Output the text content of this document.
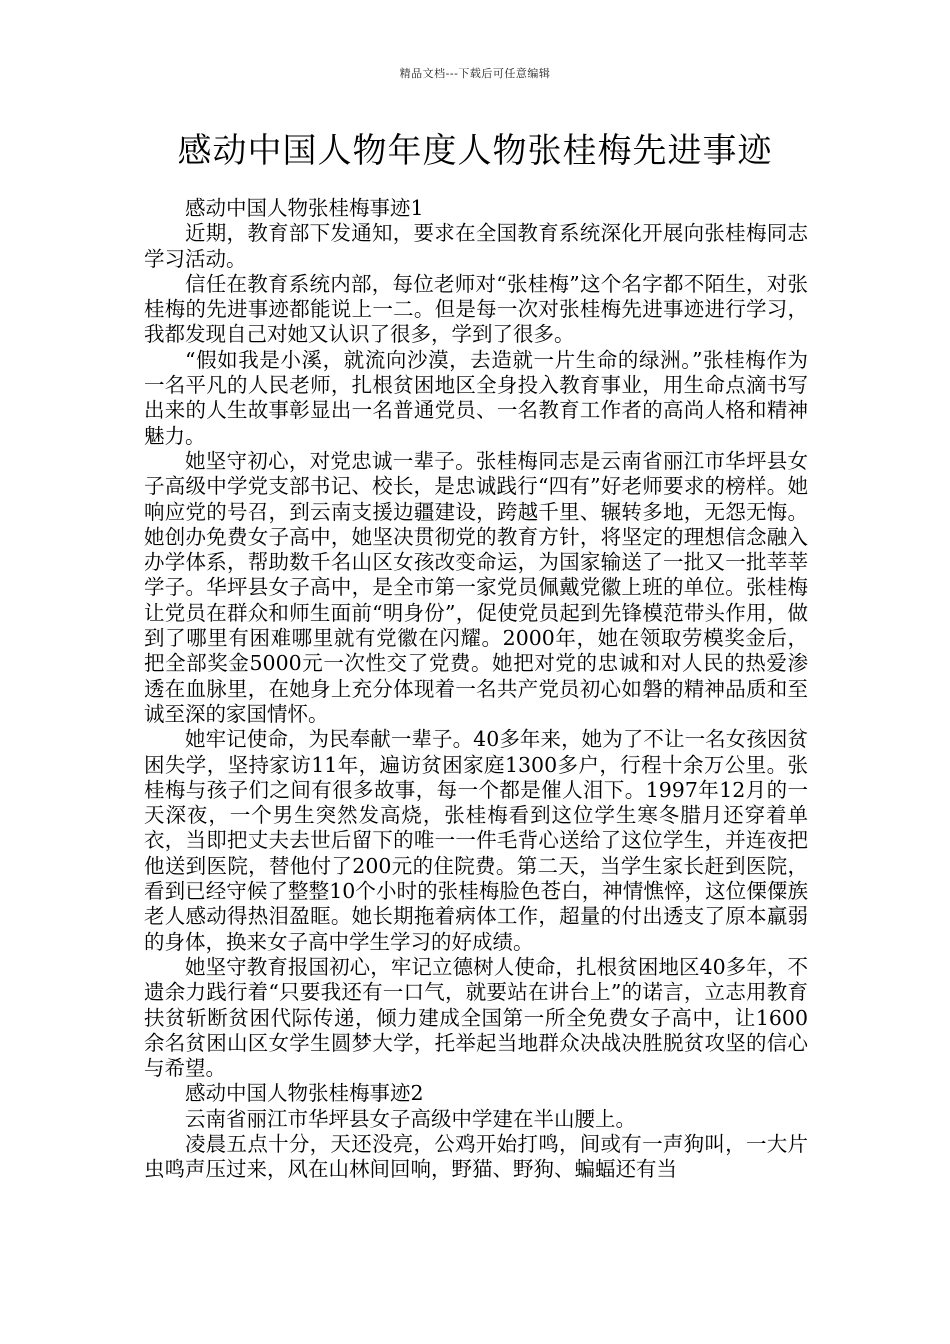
精品文档---下载后可任意编辑
感动中国人物年度人物张桂梅先进事迹

感动中国人物张桂梅事迹1

近期，教育部下发通知，要求在全国教育系统深化开展向张桂梅同志学习活动。

信任在教育系统内部，每位老师对“张桂梅”这个名字都不陌生，对张桂梅的先进事迹都能说上一二。但是每一次对张桂梅先进事迹进行学习，我都发现自己对她又认识了很多，学到了很多。

“假如我是小溪，就流向沙漠，去造就一片生命的绿洲。”张桂梅作为一名平凡的人民老师，扎根贫困地区全身投入教育事业，用生命点滴书写出来的人生故事彰显出一名普通党员、一名教育工作者的高尚人格和精神魅力。

她坚守初心，对党忠诚一辈子。张桂梅同志是云南省丽江市华坪县女子高级中学党支部书记、校长，是忠诚践行“四有”好老师要求的榜样。她响应党的号召，到云南支援边疆建设，跨越千里、辗转多地，无怨无悔。她创办免费女子高中，她坚决贯彻党的教育方针，将坚定的理想信念融入办学体系，帮助数千名山区女孩改变命运，为国家输送了一批又一批莘莘学子。华坪县女子高中，是全市第一家党员佩戴党徽上班的单位。张桂梅让党员在群众和师生面前“明身份”，促使党员起到先锋模范带头作用，做到了哪里有困难哪里就有党徽在闪耀。2000年，她在领取劳模奖金后，把全部奖金5000元一次性交了党费。她把对党的忠诚和对人民的热爱渗透在血脉里，在她身上充分体现着一名共产党员初心如磐的精神品质和至诚至深的家国情怀。

她牢记使命，为民奉献一辈子。40多年来，她为了不让一名女孩因贫困失学，坚持家访11年，遍访贫困家庭1300多户，行程十余万公里。张桂梅与孩子们之间有很多故事，每一个都是催人泪下。1997年12月的一天深夜，一个男生突然发高烧，张桂梅看到这位学生寒冬腊月还穿着单衣，当即把丈夫去世后留下的唯一一件毛背心送给了这位学生，并连夜把他送到医院，替他付了200元的住院费。第二天，当学生家长赶到医院，看到已经守候了整整10个小时的张桂梅脸色苍白，神情憔悴，这位傈僳族老人感动得热泪盈眶。她长期拖着病体工作，超量的付出透支了原本羸弱的身体，换来女子高中学生学习的好成绩。

她坚守教育报国初心，牢记立德树人使命，扎根贫困地区40多年，不遗余力践行着“只要我还有一口气，就要站在讲台上”的诺言，立志用教育扶贫斩断贫困代际传递，倾力建成全国第一所全免费女子高中，让1600余名贫困山区女学生圆梦大学，托举起当地群众决战决胜脱贫攻坚的信心与希望。

感动中国人物张桂梅事迹2

云南省丽江市华坪县女子高级中学建在半山腰上。

凌晨五点十分，天还没亮，公鸡开始打鸣，间或有一声狗叫，一大片虫鸣声压过来，风在山林间回响，野猫、野狗、蝙蝠还有当
